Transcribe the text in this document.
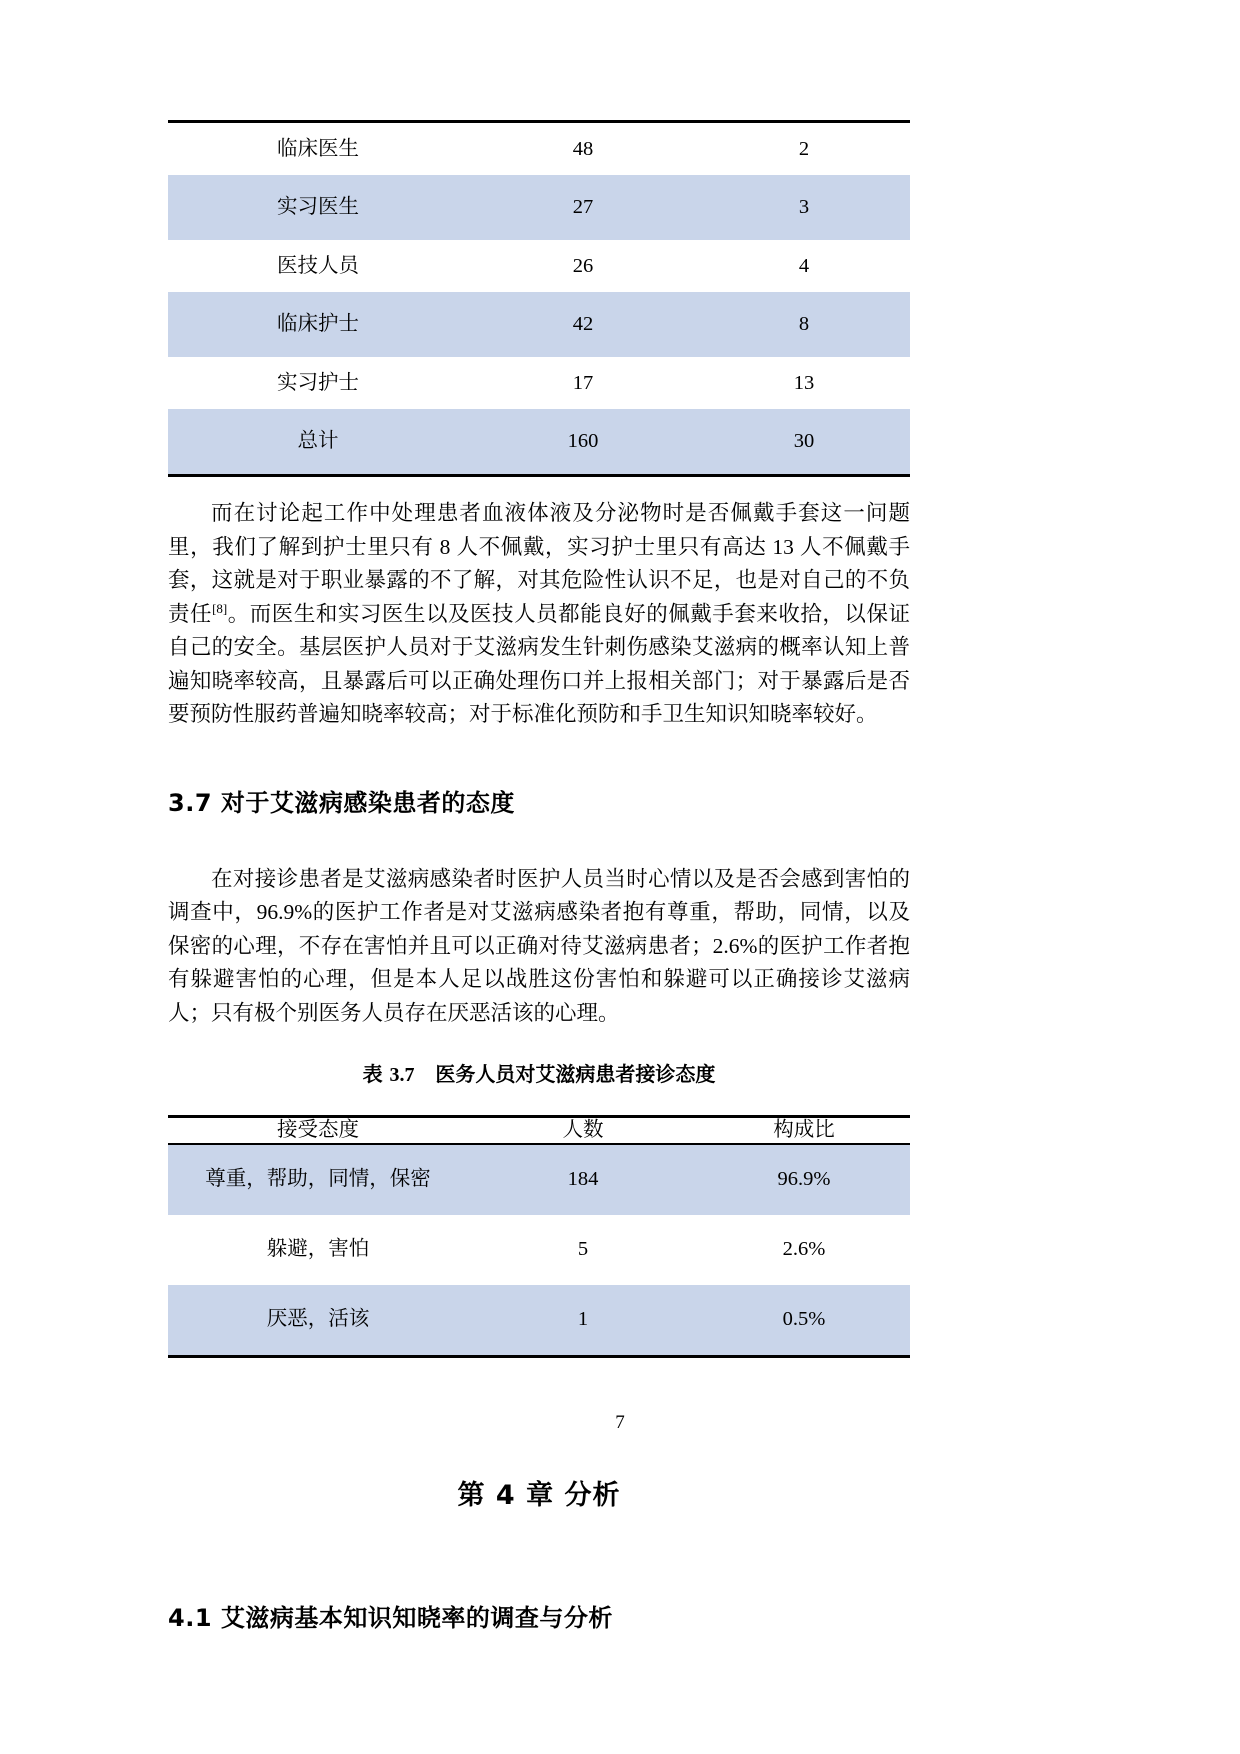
临床医生	48	2
实习医生	27	3
医技人员	26	4
临床护士	42	8
实习护士	17	13
总计	160	30

而在讨论起工作中处理患者血液体液及分泌物时是否佩戴手套这一问题里，我们了解到护士里只有 8 人不佩戴，实习护士里只有高达 13 人不佩戴手套，这就是对于职业暴露的不了解，对其危险性认识不足，也是对自己的不负责任[8]。而医生和实习医生以及医技人员都能良好的佩戴手套来收拾，以保证自己的安全。基层医护人员对于艾滋病发生针刺伤感染艾滋病的概率认知上普遍知晓率较高，且暴露后可以正确处理伤口并上报相关部门；对于暴露后是否要预防性服药普遍知晓率较高；对于标准化预防和手卫生知识知晓率较好。

3.7 对于艾滋病感染患者的态度

在对接诊患者是艾滋病感染者时医护人员当时心情以及是否会感到害怕的调查中，96.9%的医护工作者是对艾滋病感染者抱有尊重，帮助，同情，以及保密的心理，不存在害怕并且可以正确对待艾滋病患者；2.6%的医护工作者抱有躲避害怕的心理，但是本人足以战胜这份害怕和躲避可以正确接诊艾滋病人；只有极个别医务人员存在厌恶活该的心理。

表 3.7 医务人员对艾滋病患者接诊态度

接受态度	人数	构成比
尊重，帮助，同情，保密	184	96.9%
躲避，害怕	5	2.6%
厌恶，活该	1	0.5%
第 4 章 分析
4.1 艾滋病基本知识知晓率的调查与分析
7
